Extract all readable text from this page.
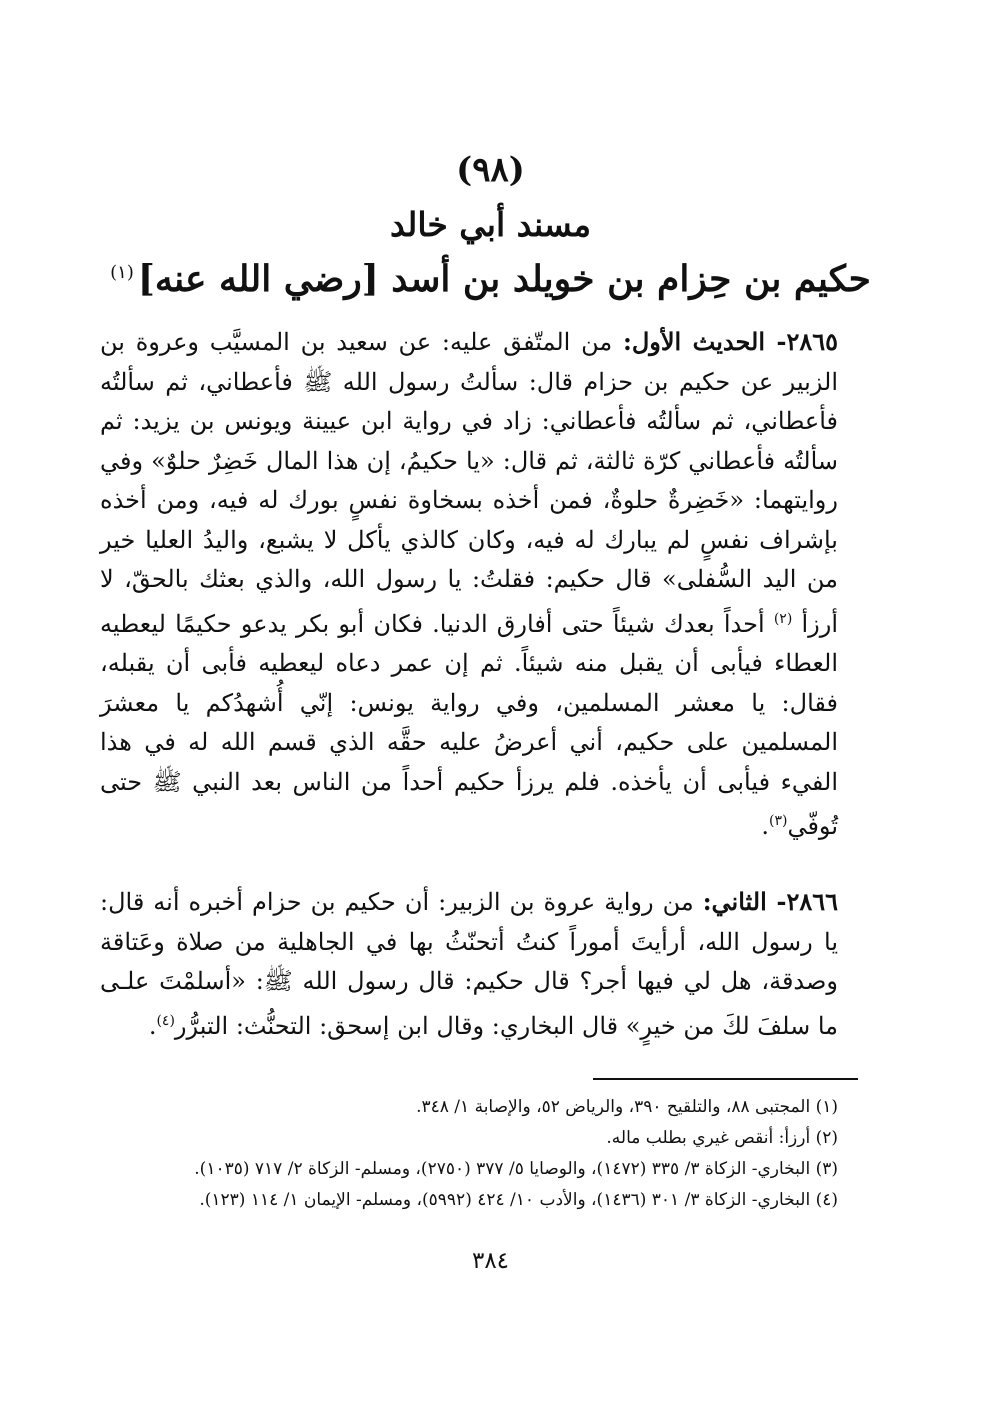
(٩٨)
مسند أبي خالد
حكيم بن حِزام بن خويلد بن أسد [رضي الله عنه]$^{(١)}$
٢٨٦٥- الحديث الأول: من المتّفق عليه: عن سعيد بن المسيَّب وعروة بن الزبير عن حكيم بن حزام قال: سألتُ رسول الله ﷺ فأعطاني، ثم سألتُه فأعطاني، ثم سألتُه فأعطاني: زاد في رواية ابن عيينة ويونس بن يزيد: ثم سألتُه فأعطاني كرّة ثالثة، ثم قال: «يا حكيمُ، إن هذا المال خَضِرٌ حلوٌ» وفي روايتهما: «خَضِرةٌ حلوةٌ، فمن أخذه بسخاوة نفسٍ بورك له فيه، ومن أخذه بإشراف نفسٍ لم يبارك له فيه، وكان كالذي يأكل لا يشبع، واليدُ العليا خير من اليد السُّفلى» قال حكيم: فقلتُ: يا رسول الله، والذي بعثك بالحقّ، لا أرزأ $^{(٢)}$ أحداً بعدك شيئاً حتى أفارق الدنيا. فكان أبو بكر يدعو حكيمًا ليعطيه العطاء فيأبى أن يقبل منه شيئاً. ثم إن عمر دعاه ليعطيه فأبى أن يقبله، فقال: يا معشر المسلمين، وفي رواية يونس: إنّي أُشهدُكم يا معشرَ المسلمين على حكيم، أني أعرضُ عليه حقَّه الذي قسم الله له في هذا الفيء فيأبى أن يأخذه. فلم يرزأ حكيم أحداً من الناس بعد النبي ﷺ حتى تُوفّي$^{(٣)}$.
٢٨٦٦- الثاني: من رواية عروة بن الزبير: أن حكيم بن حزام أخبره أنه قال: يا رسول الله، أرأيتَ أموراً كنتُ أتحنّثُ بها في الجاهلية من صلاة وعَتاقة وصدقة، هل لي فيها أجر؟ قال حكيم: قال رسول الله ﷺ: «أسلمْتَ علـى ما سلفَ لكَ من خيرٍ» قال البخاري: وقال ابن إسحق: التحنُّث: التبرُّر$^{(٤)}$.
(١) المجتبى ٨٨، والتلقيح ٣٩٠، والرياض ٥٢، والإصابة ١/ ٣٤٨.
(٢) أرزأ: أنقص غيري بطلب ماله.
(٣) البخاري- الزكاة ٣/ ٣٣٥ (١٤٧٢)، والوصايا ٥/ ٣٧٧ (٢٧٥٠)، ومسلم- الزكاة ٢/ ٧١٧ (١٠٣٥).
(٤) البخاري- الزكاة ٣/ ٣٠١ (١٤٣٦)، والأدب ١٠/ ٤٢٤ (٥٩٩٢)، ومسلم- الإيمان ١/ ١١٤ (١٢٣).
٣٨٤
